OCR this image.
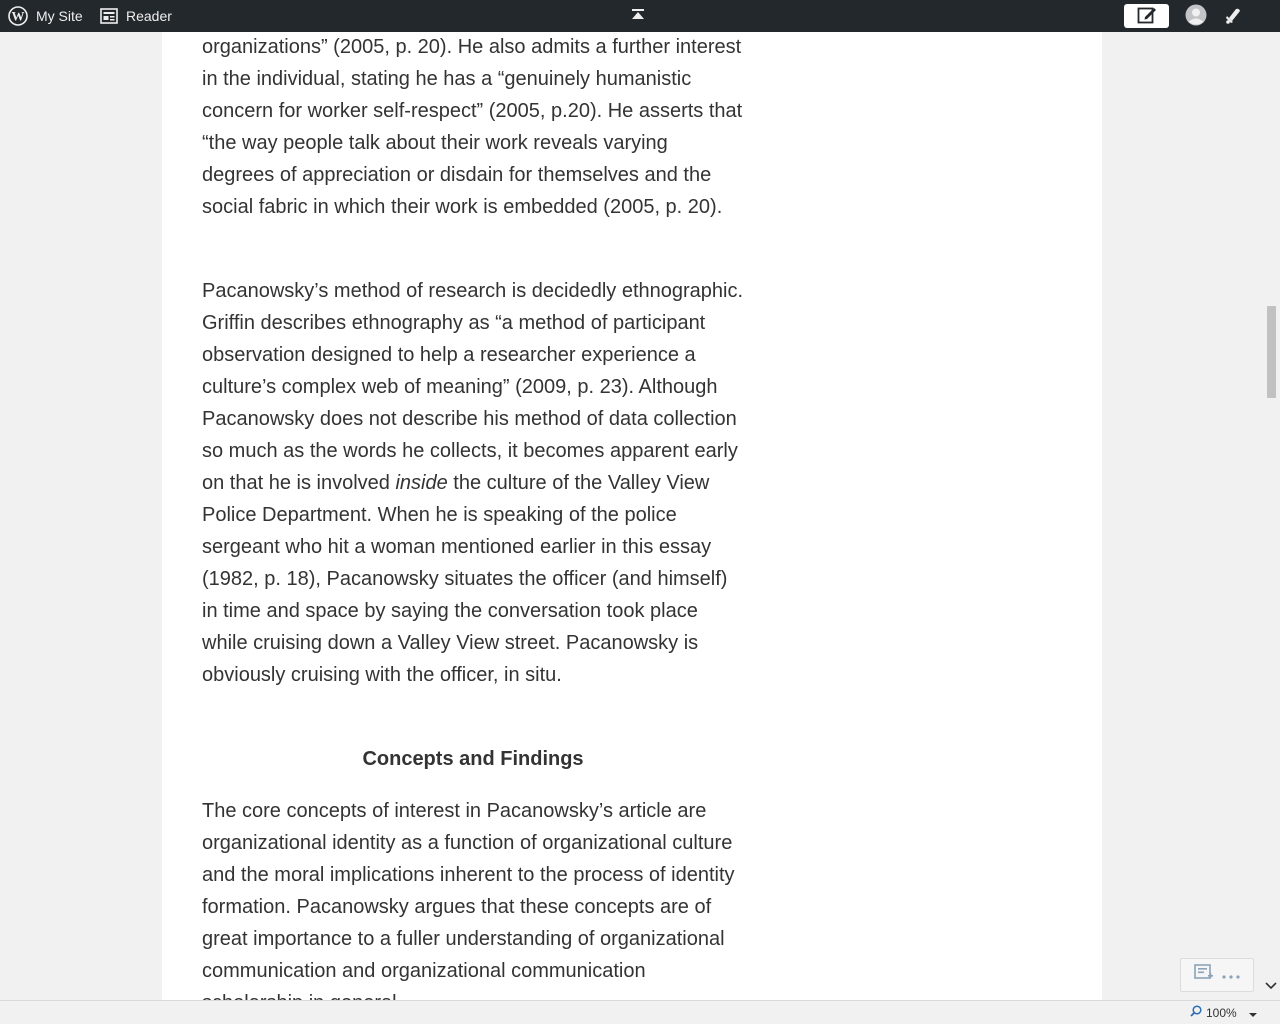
W My Site	Reader

organizations” (2005, p. 20). He also admits a further interest in the individual, stating he has a “genuinely humanistic concern for worker self-respect” (2005, p.20). He asserts that “the way people talk about their work reveals varying degrees of appreciation or disdain for themselves and the social fabric in which their work is embedded (2005, p. 20).

Pacanowsky’s method of research is decidedly ethnographic. Griffin describes ethnography as “a method of participant observation designed to help a researcher experience a culture’s complex web of meaning” (2009, p. 23). Although Pacanowsky does not describe his method of data collection so much as the words he collects, it becomes apparent early on that he is involved inside the culture of the Valley View Police Department. When he is speaking of the police sergeant who hit a woman mentioned earlier in this essay (1982, p. 18), Pacanowsky situates the officer (and himself) in time and space by saying the conversation took place while cruising down a Valley View street. Pacanowsky is obviously cruising with the officer, in situ.

Concepts and Findings

The core concepts of interest in Pacanowsky’s article are organizational identity as a function of organizational culture and the moral implications inherent to the process of identity formation. Pacanowsky argues that these concepts are of great importance to a fuller understanding of organizational communication and organizational communication

100%
